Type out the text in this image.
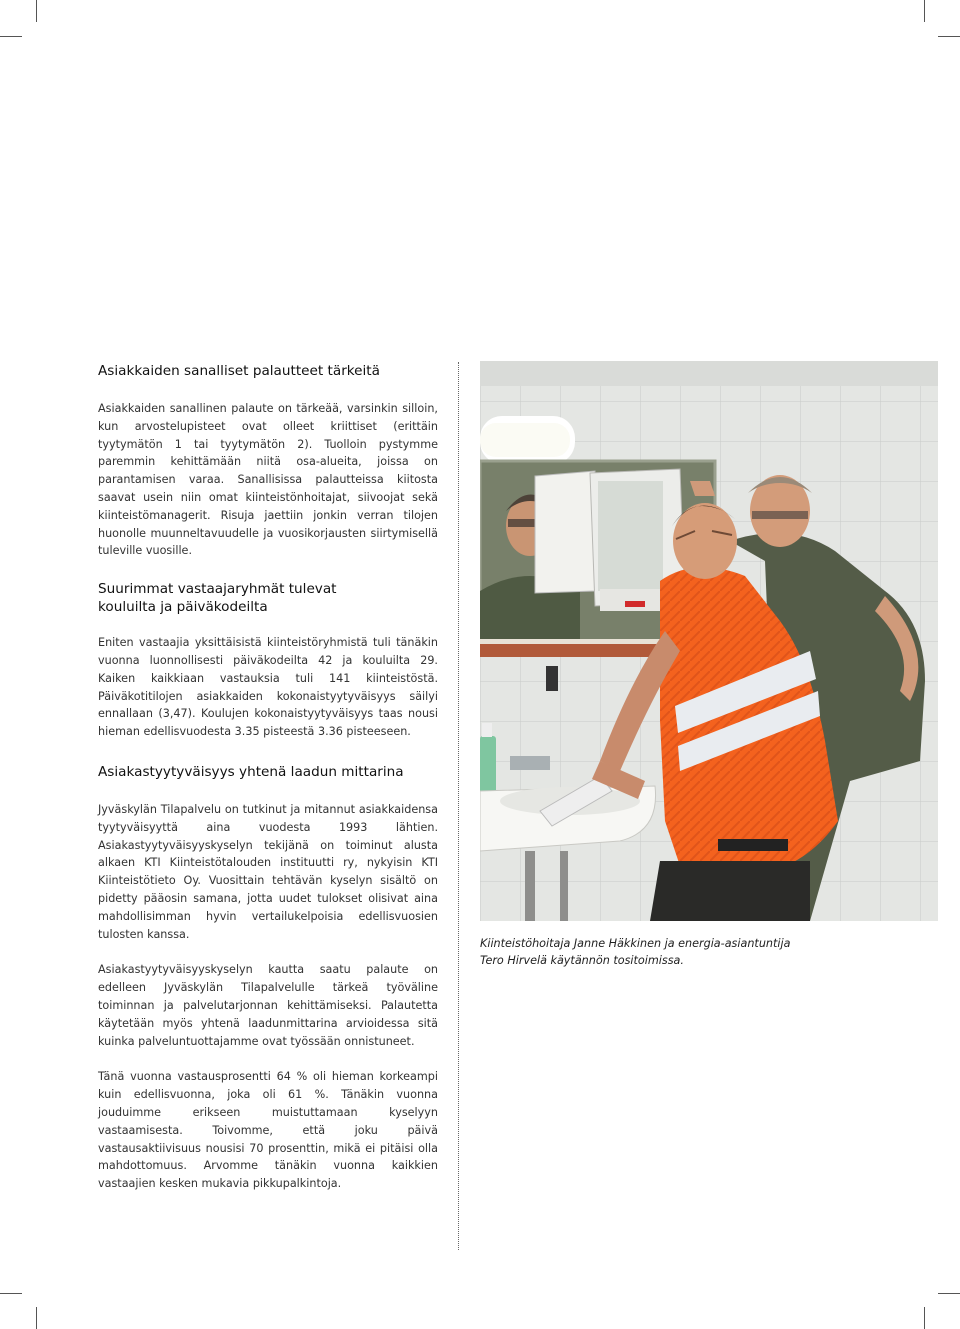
Asiakkaiden sanalliset palautteet tärkeitä

Asiakkaiden sanallinen palaute on tärkeää, varsinkin silloin, kun arvostelupisteet ovat olleet kriittiset (erittäin tyytymätön 1 tai tyytymätön 2). Tuolloin pystymme paremmin kehittämään niitä osa-alueita, joissa on parantamisen varaa. Sanallisissa palautteissa kiitosta saavat usein niin omat kiinteistönhoitajat, siivoojat sekä kiinteistömanagerit. Risuja jaettiin jonkin verran tilojen huonolle muunneltavuudelle ja vuosikorjausten siirtymisellä tuleville vuosille.

Suurimmat vastaajaryhmät tulevat kouluilta ja päiväkodeilta

Eniten vastaajia yksittäisistä kiinteistöryhmistä tuli tänäkin vuonna luonnollisesti päiväkodeilta 42 ja kouluilta 29. Kaiken kaikkiaan vastauksia tuli 141 kiinteistöstä. Päiväkotitilojen asiakkaiden kokonaistyytyväisyys säilyi ennallaan (3,47). Koulujen kokonaistyytyväisyys taas nousi hieman edellisvuodesta 3.35 pisteestä 3.36 pisteeseen.

Asiakastyytyväisyys yhtenä laadun mittarina

Jyväskylän Tilapalvelu on tutkinut ja mitannut asiakkaidensa tyytyväisyyttä aina vuodesta 1993 lähtien. Asiakastyytyväisyyskyselyn tekijänä on toiminut alusta alkaen KTI Kiinteistötalouden instituutti ry, nykyisin KTI Kiinteistötieto Oy. Vuosittain tehtävän kyselyn sisältö on pidetty pääosin samana, jotta uudet tulokset olisivat aina mahdollisimman hyvin vertailukelpoisia edellisvuosien tulosten kanssa.

Asiakastyytyväisyyskyselyn kautta saatu palaute on edelleen Jyväskylän Tilapalvelulle tärkeä työväline toiminnan ja palvelutarjonnan kehittämiseksi. Palautetta käytetään myös yhtenä laadunmittarina arvioidessa sitä kuinka palveluntuottajamme ovat työssään onnistuneet.

Tänä vuonna vastausprosentti 64 % oli hieman korkeampi kuin edellisvuonna, joka oli 61 %. Tänäkin vuonna jouduimme erikseen muistuttamaan kyselyyn vastaamisesta. Toivomme, että joku päivä vastausaktiivisuus nousisi 70 prosenttin, mikä ei pitäisi olla mahdottomuus. Arvomme tänäkin vuonna kaikkien vastaajien kesken mukavia pikkupalkintoja.

Kiinteistöhoitaja Janne Häkkinen ja energia-asiantuntija
Tero Hirvelä käytännön tositoimissa.
